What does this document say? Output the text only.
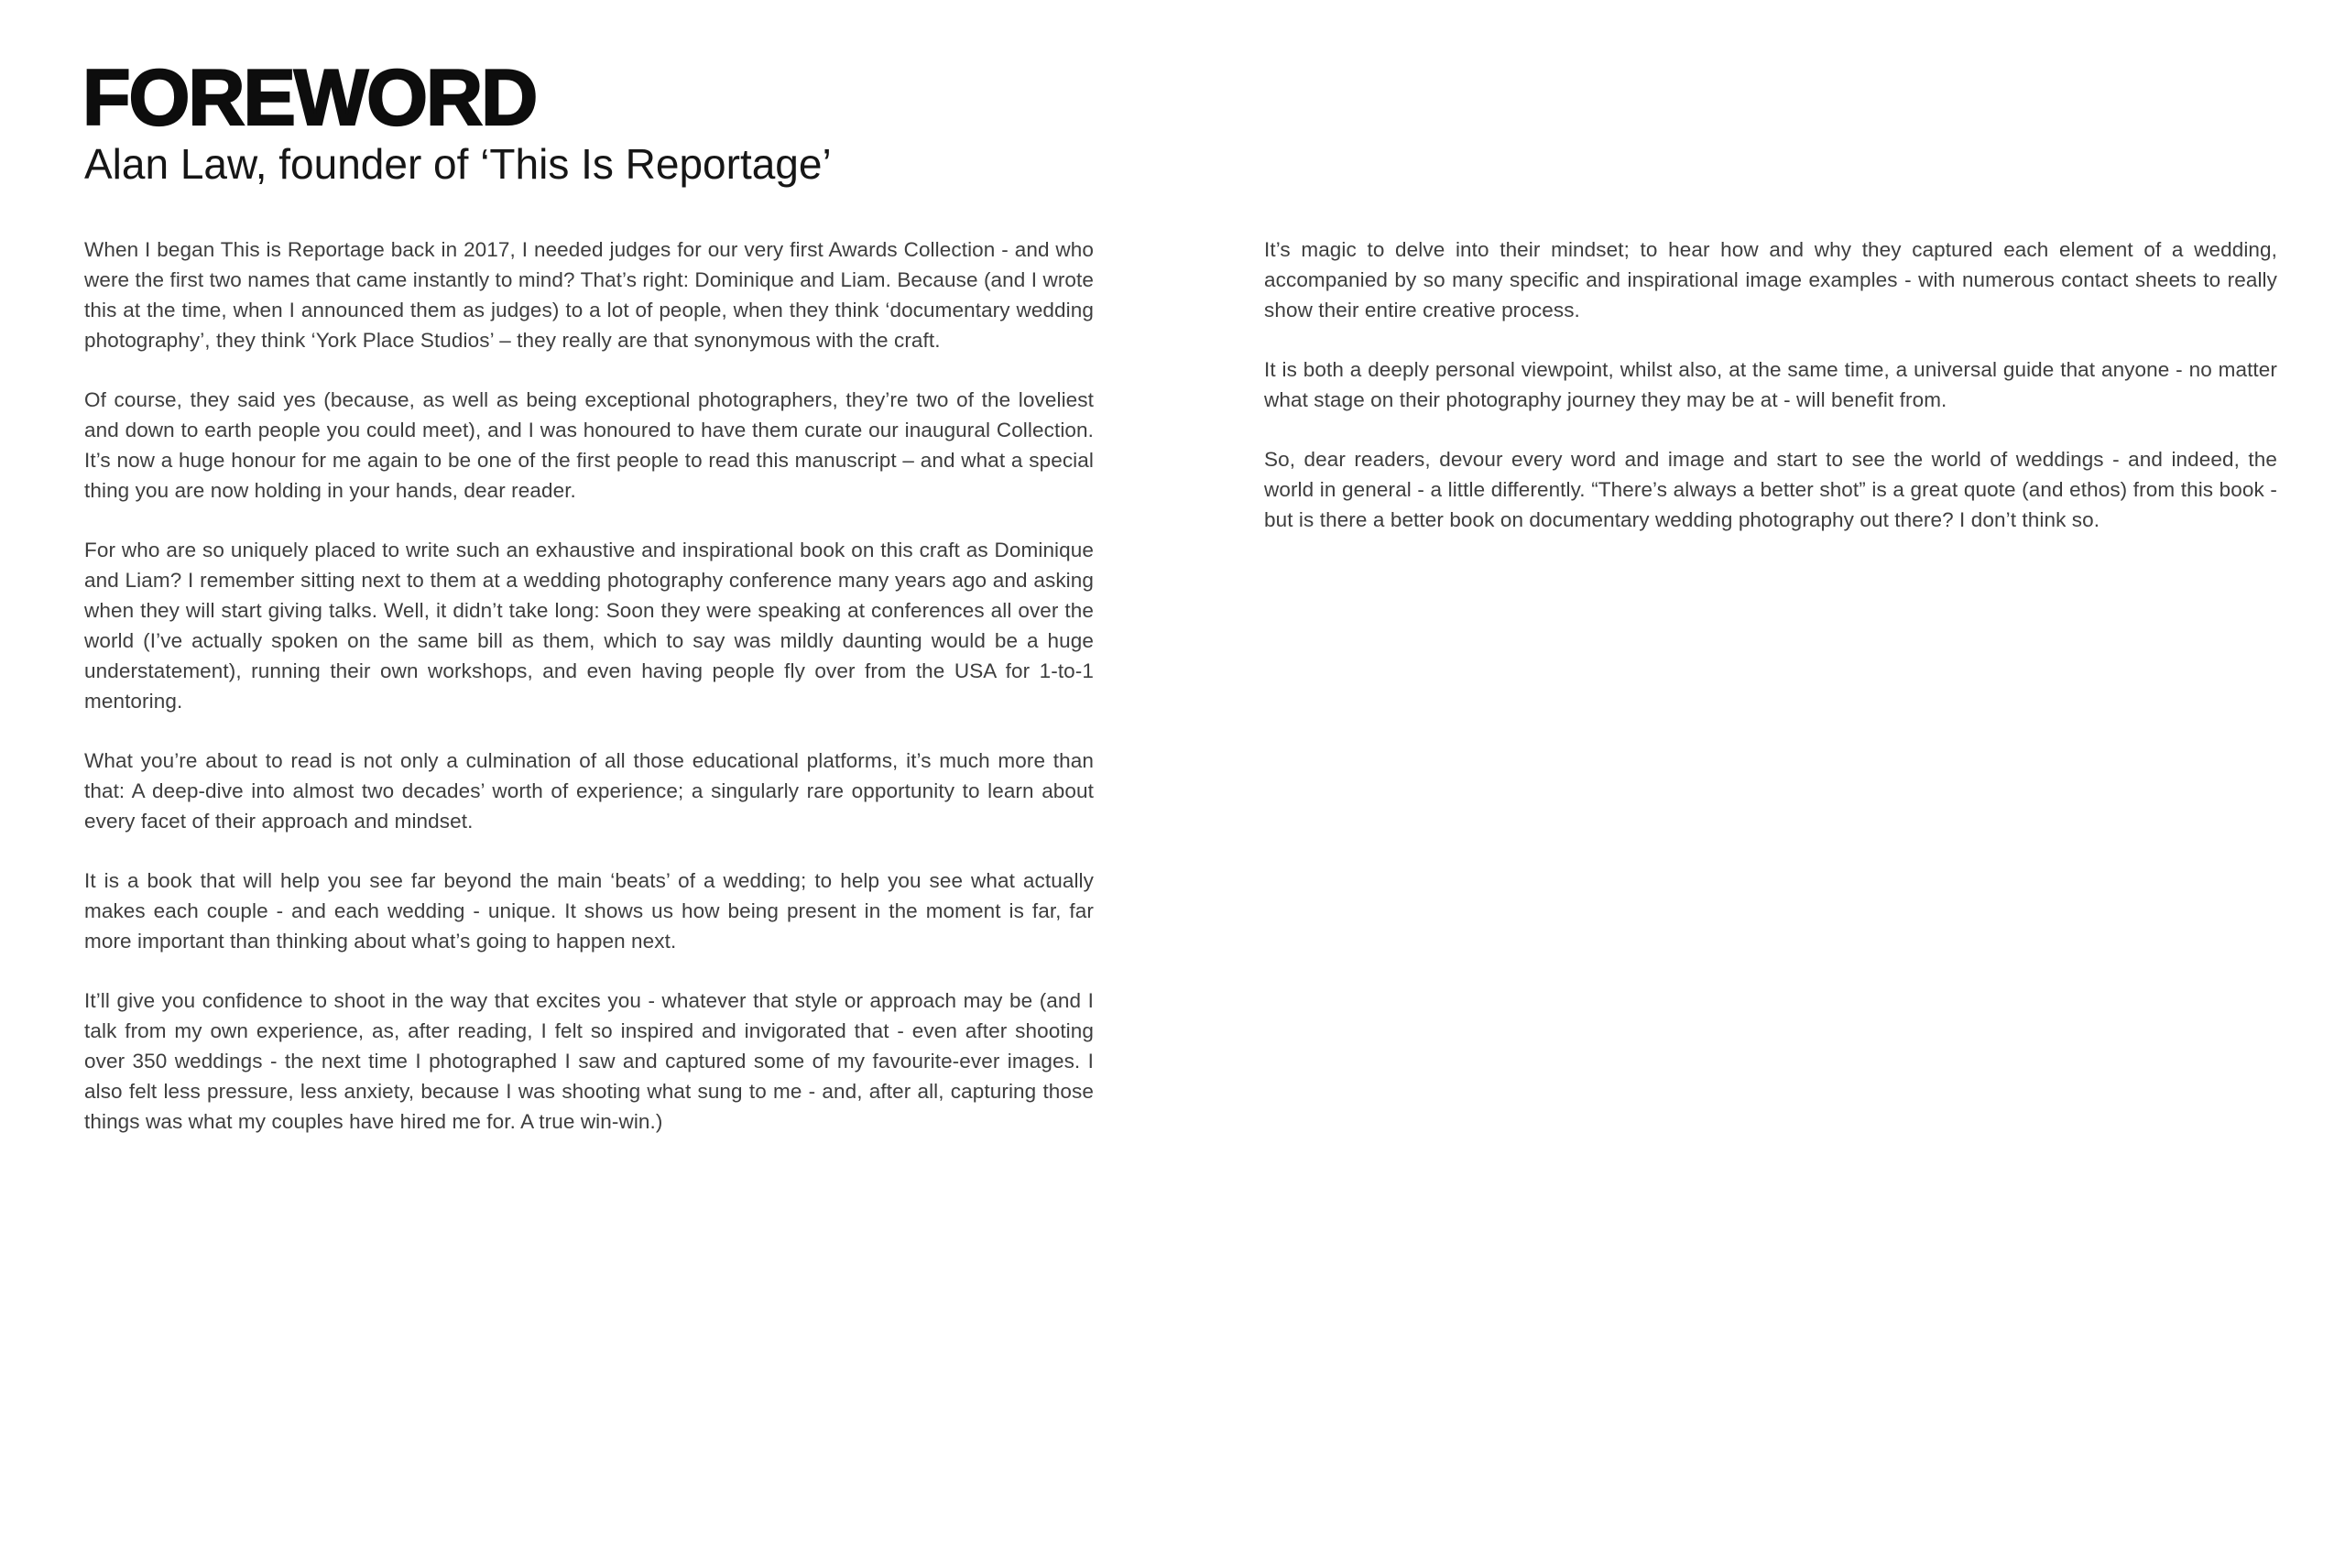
FOREWORD
Alan Law, founder of ‘This Is Reportage’

When I began This is Reportage back in 2017, I needed judges for our very first Awards Collection - and who were the first two names that came instantly to mind? That’s right: Dominique and Liam. Because (and I wrote this at the time, when I announced them as judges) to a lot of people, when they think ‘documentary wedding photography’, they think ‘York Place Studios’ – they really are that synonymous with the craft.

Of course, they said yes (because, as well as being exceptional photographers, they’re two of the loveliest and down to earth people you could meet), and I was honoured to have them curate our inaugural Collection. It’s now a huge honour for me again to be one of the first people to read this manuscript – and what a special thing you are now holding in your hands, dear reader.

For who are so uniquely placed to write such an exhaustive and inspirational book on this craft as Dominique and Liam? I remember sitting next to them at a wedding photography conference many years ago and asking when they will start giving talks. Well, it didn’t take long: Soon they were speaking at conferences all over the world (I’ve actually spoken on the same bill as them, which to say was mildly daunting would be a huge understatement), running their own workshops, and even having people fly over from the USA for 1-to-1 mentoring.

What you’re about to read is not only a culmination of all those educational platforms, it’s much more than that: A deep-dive into almost two decades’ worth of experience; a singularly rare opportunity to learn about every facet of their approach and mindset.

It is a book that will help you see far beyond the main ‘beats’ of a wedding; to help you see what actually makes each couple - and each wedding - unique. It shows us how being present in the moment is far, far more important than thinking about what’s going to happen next.

It’ll give you confidence to shoot in the way that excites you - whatever that style or approach may be (and I talk from my own experience, as, after reading, I felt so inspired and invigorated that - even after shooting over 350 weddings - the next time I photographed I saw and captured some of my favourite-ever images. I also felt less pressure, less anxiety, because I was shooting what sung to me - and, after all, capturing those things was what my couples have hired me for. A true win-win.)

It’s magic to delve into their mindset; to hear how and why they captured each element of a wedding, accompanied by so many specific and inspirational image examples - with numerous contact sheets to really show their entire creative process.

It is both a deeply personal viewpoint, whilst also, at the same time, a universal guide that anyone - no matter what stage on their photography journey they may be at - will benefit from.

So, dear readers, devour every word and image and start to see the world of weddings - and indeed, the world in general - a little differently. “There’s always a better shot” is a great quote (and ethos) from this book - but is there a better book on documentary wedding photography out there? I don’t think so.
